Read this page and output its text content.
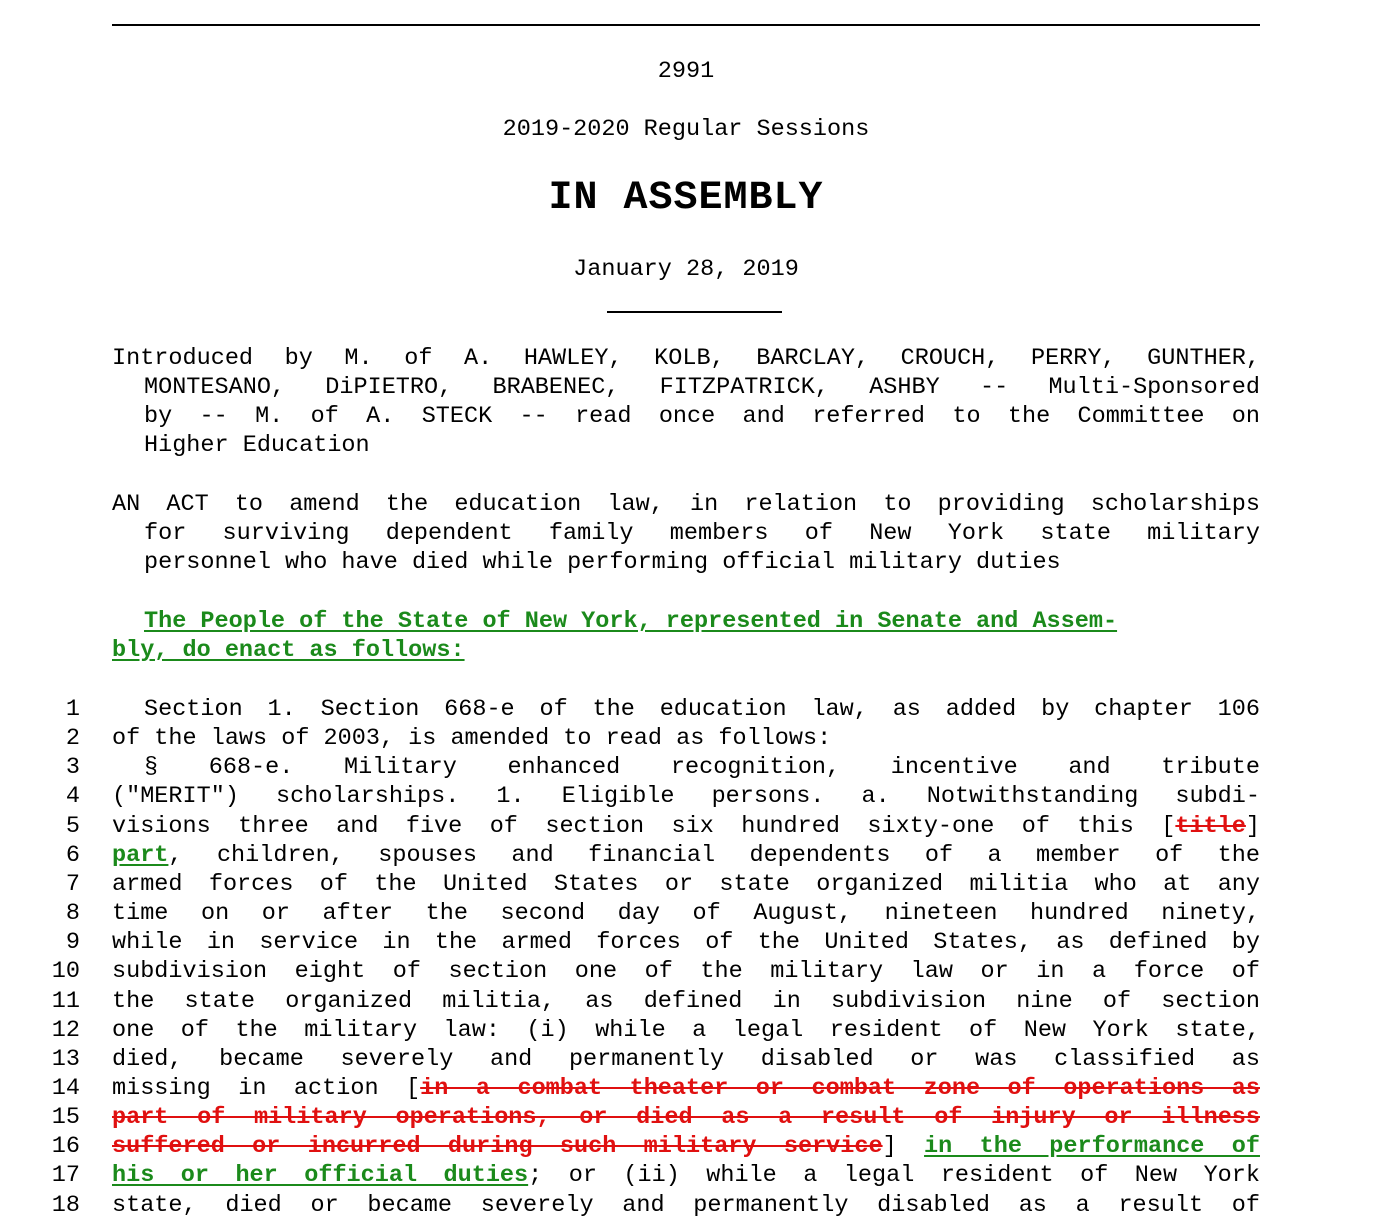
2991
2019-2020 Regular Sessions
IN ASSEMBLY
January 28, 2019
Introduced by M. of A. HAWLEY, KOLB, BARCLAY, CROUCH, PERRY, GUNTHER,
MONTESANO, DiPIETRO, BRABENEC, FITZPATRICK, ASHBY -- Multi-Sponsored
by -- M. of A. STECK -- read once and referred to the Committee on
Higher Education
AN ACT to amend the education law, in relation to providing scholarships
for surviving dependent family members of New York state military
personnel who have died while performing official military duties
The People of the State of New York, represented in Senate and Assem-
bly, do enact as follows:
1	Section 1. Section 668-e of the education law, as added by chapter 106
2 of the laws of 2003, is amended to read as follows:
3	§ 668-e. Military enhanced recognition, incentive and tribute
4 ("MERIT") scholarships. 1. Eligible persons. a. Notwithstanding subdi-
5 visions three and five of section six hundred sixty-one of this [title]
6 part, children, spouses and financial dependents of a member of the
7 armed forces of the United States or state organized militia who at any
8 time on or after the second day of August, nineteen hundred ninety,
9 while in service in the armed forces of the United States, as defined by
10 subdivision eight of section one of the military law or in a force of
11 the state organized militia, as defined in subdivision nine of section
12 one of the military law: (i) while a legal resident of New York state,
13 died, became severely and permanently disabled or was classified as
14 missing in action [in a combat theater or combat zone of operations as
15 part of military operations, or died as a result of injury or illness
16 suffered or incurred during such military service] in the performance of
17 his or her official duties; or (ii) while a legal resident of New York
18 state, died or became severely and permanently disabled as a result of
